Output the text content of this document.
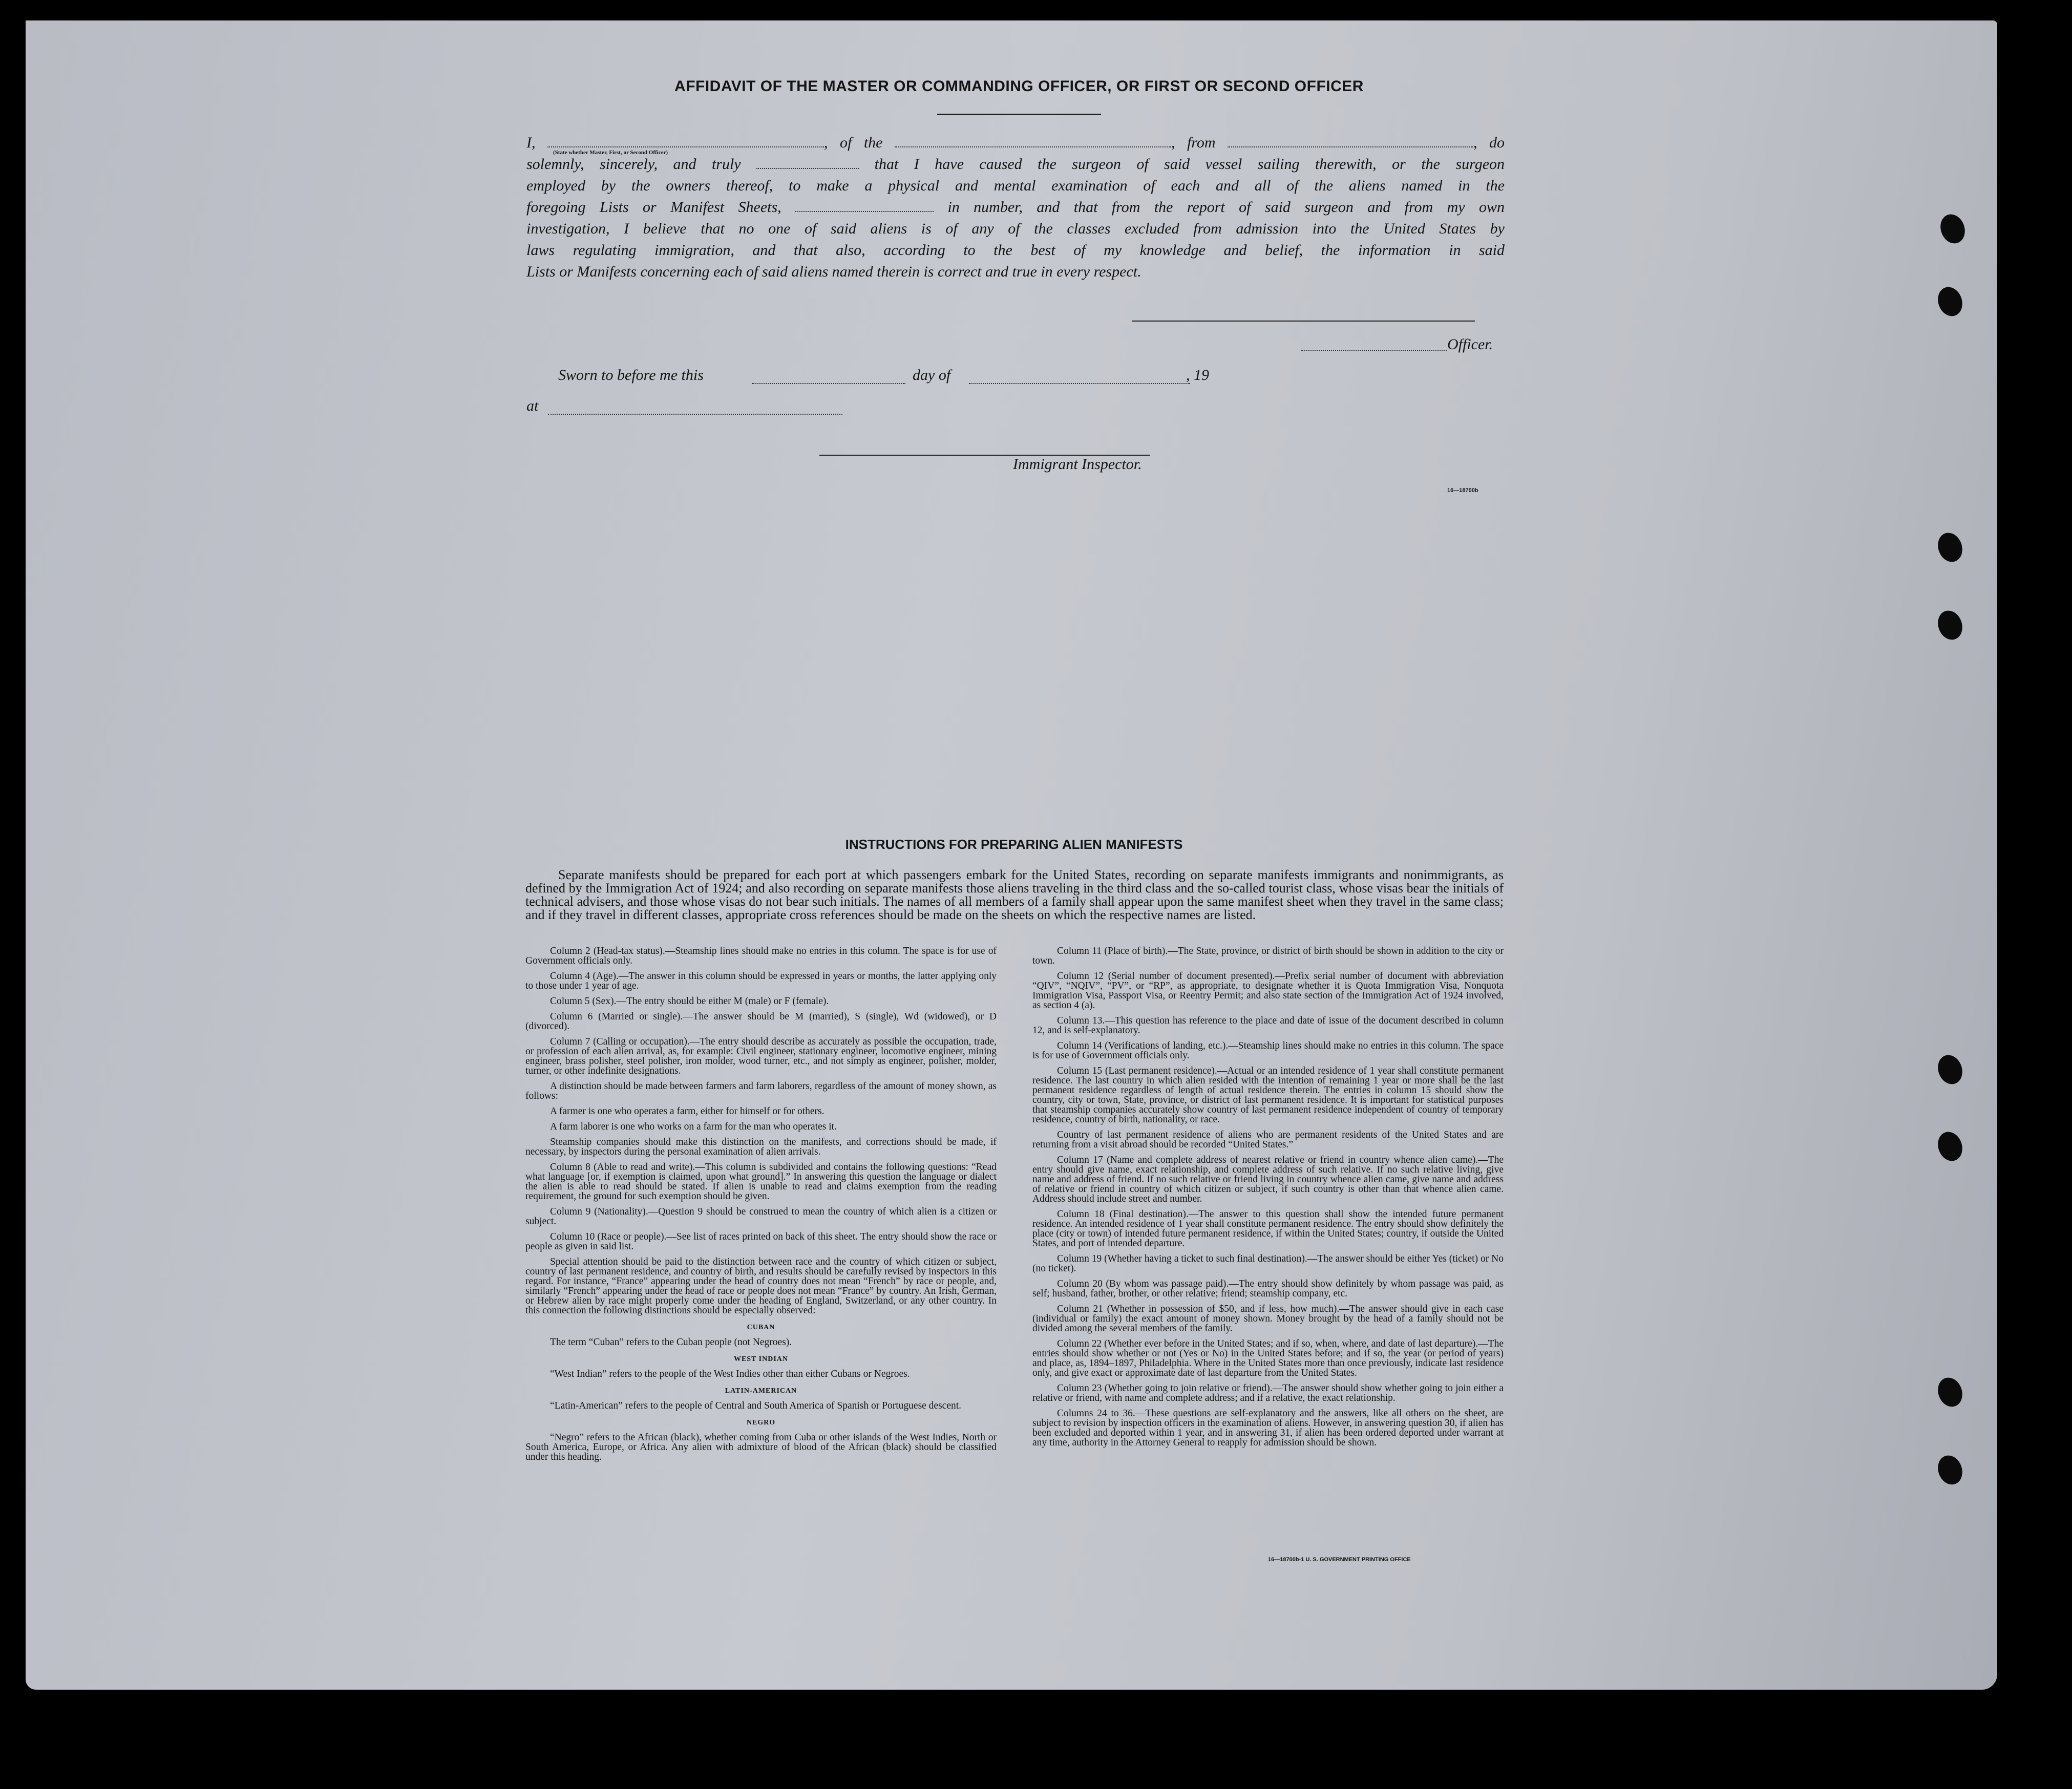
AFFIDAVIT OF THE MASTER OR COMMANDING OFFICER, OR FIRST OR SECOND OFFICER

I,	, of the	, from	, do

solemnly, sincerely, and truly	that I have caused the surgeon of said vessel sailing therewith, or the surgeon

employed by the owners thereof, to make a physical and mental examination of each and all of the aliens named in the

foregoing Lists or Manifest Sheets,	in number, and that from the report of said surgeon and from my own

investigation, I believe that no one of said aliens is of any of the classes excluded from admission into the United States by

laws regulating immigration, and that also, according to the best of my knowledge and belief, the information in said

Lists or Manifests concerning each of said aliens named therein is correct and true in every respect.

(State whether Master, First, or Second Officer)
Officer.
Sworn to before me this	day of	, 19
at
Immigrant Inspector.
16—18700b
INSTRUCTIONS FOR PREPARING ALIEN MANIFESTS
Separate manifests should be prepared for each port at which passengers embark for the United States, recording on separate manifests immigrants and nonimmigrants, as defined by the Immigration Act of 1924; and also recording on separate manifests those aliens traveling in the third class and the so-called tourist class, whose visas bear the initials of technical advisers, and those whose visas do not bear such initials. The names of all members of a family shall appear upon the same manifest sheet when they travel in the same class; and if they travel in different classes, appropriate cross references should be made on the sheets on which the respective names are listed.

Column 2 (Head-tax status).—Steamship lines should make no entries in this column. The space is for use of Government officials only.

Column 4 (Age).—The answer in this column should be expressed in years or months, the latter applying only to those under 1 year of age.

Column 5 (Sex).—The entry should be either M (male) or F (female).

Column 6 (Married or single).—The answer should be M (married), S (single), Wd (widowed), or D (divorced).

Column 7 (Calling or occupation).—The entry should describe as accurately as possible the occupation, trade, or profession of each alien arrival, as, for example: Civil engineer, stationary engineer, locomotive engineer, mining engineer, brass polisher, steel polisher, iron molder, wood turner, etc., and not simply as engineer, polisher, molder, turner, or other indefinite designations.

A distinction should be made between farmers and farm laborers, regardless of the amount of money shown, as follows:

A farmer is one who operates a farm, either for himself or for others.

A farm laborer is one who works on a farm for the man who operates it.

Steamship companies should make this distinction on the manifests, and corrections should be made, if necessary, by inspectors during the personal examination of alien arrivals.

Column 8 (Able to read and write).—This column is subdivided and contains the following questions: “Read what language [or, if exemption is claimed, upon what ground].” In answering this question the language or dialect the alien is able to read should be stated. If alien is unable to read and claims exemption from the reading requirement, the ground for such exemption should be given.

Column 9 (Nationality).—Question 9 should be construed to mean the country of which alien is a citizen or subject.

Column 10 (Race or people).—See list of races printed on back of this sheet. The entry should show the race or people as given in said list.

Special attention should be paid to the distinction between race and the country of which citizen or subject, country of last permanent residence, and country of birth, and results should be carefully revised by inspectors in this regard. For instance, “France” appearing under the head of country does not mean “French” by race or people, and, similarly “French” appearing under the head of race or people does not mean “France” by country. An Irish, German, or Hebrew alien by race might properly come under the heading of England, Switzerland, or any other country. In this connection the following distinctions should be especially observed:

CUBAN

The term “Cuban” refers to the Cuban people (not Negroes).

WEST INDIAN

“West Indian” refers to the people of the West Indies other than either Cubans or Negroes.

LATIN-AMERICAN

“Latin-American” refers to the people of Central and South America of Spanish or Portuguese descent.

NEGRO

“Negro” refers to the African (black), whether coming from Cuba or other islands of the West Indies, North or South America, Europe, or Africa. Any alien with admixture of blood of the African (black) should be classified under this heading.

Column 11 (Place of birth).—The State, province, or district of birth should be shown in addition to the city or town.

Column 12 (Serial number of document presented).—Prefix serial number of document with abbreviation “QIV”, “NQIV”, “PV”, or “RP”, as appropriate, to designate whether it is Quota Immigration Visa, Nonquota Immigration Visa, Passport Visa, or Reentry Permit; and also state section of the Immigration Act of 1924 involved, as section 4 (a).

Column 13.—This question has reference to the place and date of issue of the document described in column 12, and is self-explanatory.

Column 14 (Verifications of landing, etc.).—Steamship lines should make no entries in this column. The space is for use of Government officials only.

Column 15 (Last permanent residence).—Actual or an intended residence of 1 year shall constitute permanent residence. The last country in which alien resided with the intention of remaining 1 year or more shall be the last permanent residence regardless of length of actual residence therein. The entries in column 15 should show the country, city or town, State, province, or district of last permanent residence. It is important for statistical purposes that steamship companies accurately show country of last permanent residence independent of country of temporary residence, country of birth, nationality, or race.

Country of last permanent residence of aliens who are permanent residents of the United States and are returning from a visit abroad should be recorded “United States.”

Column 17 (Name and complete address of nearest relative or friend in country whence alien came).—The entry should give name, exact relationship, and complete address of such relative. If no such relative living, give name and address of friend. If no such relative or friend living in country whence alien came, give name and address of relative or friend in country of which citizen or subject, if such country is other than that whence alien came. Address should include street and number.

Column 18 (Final destination).—The answer to this question shall show the intended future permanent residence. An intended residence of 1 year shall constitute permanent residence. The entry should show definitely the place (city or town) of intended future permanent residence, if within the United States; country, if outside the United States, and port of intended departure.

Column 19 (Whether having a ticket to such final destination).—The answer should be either Yes (ticket) or No (no ticket).

Column 20 (By whom was passage paid).—The entry should show definitely by whom passage was paid, as self; husband, father, brother, or other relative; friend; steamship company, etc.

Column 21 (Whether in possession of $50, and if less, how much).—The answer should give in each case (individual or family) the exact amount of money shown. Money brought by the head of a family should not be divided among the several members of the family.

Column 22 (Whether ever before in the United States; and if so, when, where, and date of last departure).—The entries should show whether or not (Yes or No) in the United States before; and if so, the year (or period of years) and place, as, 1894–1897, Philadelphia. Where in the United States more than once previously, indicate last residence only, and give exact or approximate date of last departure from the United States.

Column 23 (Whether going to join relative or friend).—The answer should show whether going to join either a relative or friend, with name and complete address; and if a relative, the exact relationship.

Columns 24 to 36.—These questions are self-explanatory and the answers, like all others on the sheet, are subject to revision by inspection officers in the examination of aliens. However, in answering question 30, if alien has been excluded and deported within 1 year, and in answering 31, if alien has been ordered deported under warrant at any time, authority in the Attorney General to reapply for admission should be shown.

16—18700b-1 U. S. GOVERNMENT PRINTING OFFICE
